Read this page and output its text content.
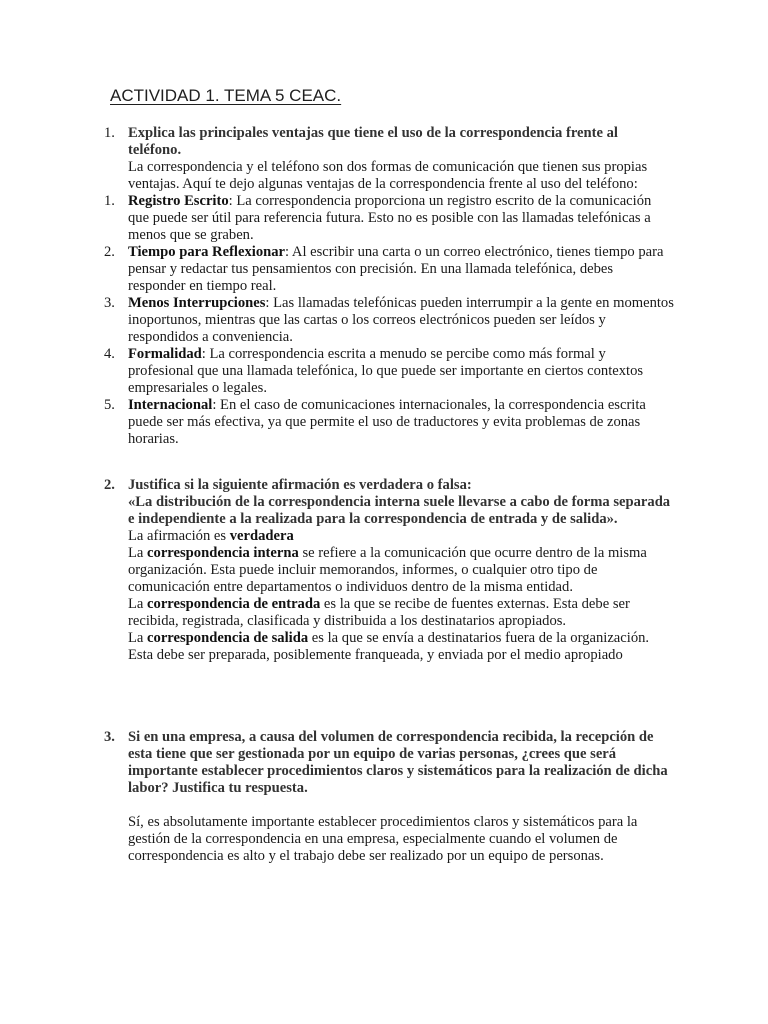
ACTIVIDAD 1. TEMA 5 CEAC.
1. Explica las principales ventajas que tiene el uso de la correspondencia frente al teléfono.
La correspondencia y el teléfono son dos formas de comunicación que tienen sus propias ventajas. Aquí te dejo algunas ventajas de la correspondencia frente al uso del teléfono:
1. Registro Escrito: La correspondencia proporciona un registro escrito de la comunicación que puede ser útil para referencia futura. Esto no es posible con las llamadas telefónicas a menos que se graben.
2. Tiempo para Reflexionar: Al escribir una carta o un correo electrónico, tienes tiempo para pensar y redactar tus pensamientos con precisión. En una llamada telefónica, debes responder en tiempo real.
3. Menos Interrupciones: Las llamadas telefónicas pueden interrumpir a la gente en momentos inoportunos, mientras que las cartas o los correos electrónicos pueden ser leídos y respondidos a conveniencia.
4. Formalidad: La correspondencia escrita a menudo se percibe como más formal y profesional que una llamada telefónica, lo que puede ser importante en ciertos contextos empresariales o legales.
5. Internacional: En el caso de comunicaciones internacionales, la correspondencia escrita puede ser más efectiva, ya que permite el uso de traductores y evita problemas de zonas horarias.
2. Justifica si la siguiente afirmación es verdadera o falsa:
«La distribución de la correspondencia interna suele llevarse a cabo de forma separada e independiente a la realizada para la correspondencia de entrada y de salida».
La afirmación es verdadera
La correspondencia interna se refiere a la comunicación que ocurre dentro de la misma organización. Esta puede incluir memorandos, informes, o cualquier otro tipo de comunicación entre departamentos o individuos dentro de la misma entidad.
La correspondencia de entrada es la que se recibe de fuentes externas. Esta debe ser recibida, registrada, clasificada y distribuida a los destinatarios apropiados.
La correspondencia de salida es la que se envía a destinatarios fuera de la organización. Esta debe ser preparada, posiblemente franqueada, y enviada por el medio apropiado
3. Si en una empresa, a causa del volumen de correspondencia recibida, la recepción de esta tiene que ser gestionada por un equipo de varias personas, ¿crees que será importante establecer procedimientos claros y sistemáticos para la realización de dicha labor? Justifica tu respuesta.
Sí, es absolutamente importante establecer procedimientos claros y sistemáticos para la gestión de la correspondencia en una empresa, especialmente cuando el volumen de correspondencia es alto y el trabajo debe ser realizado por un equipo de personas.
